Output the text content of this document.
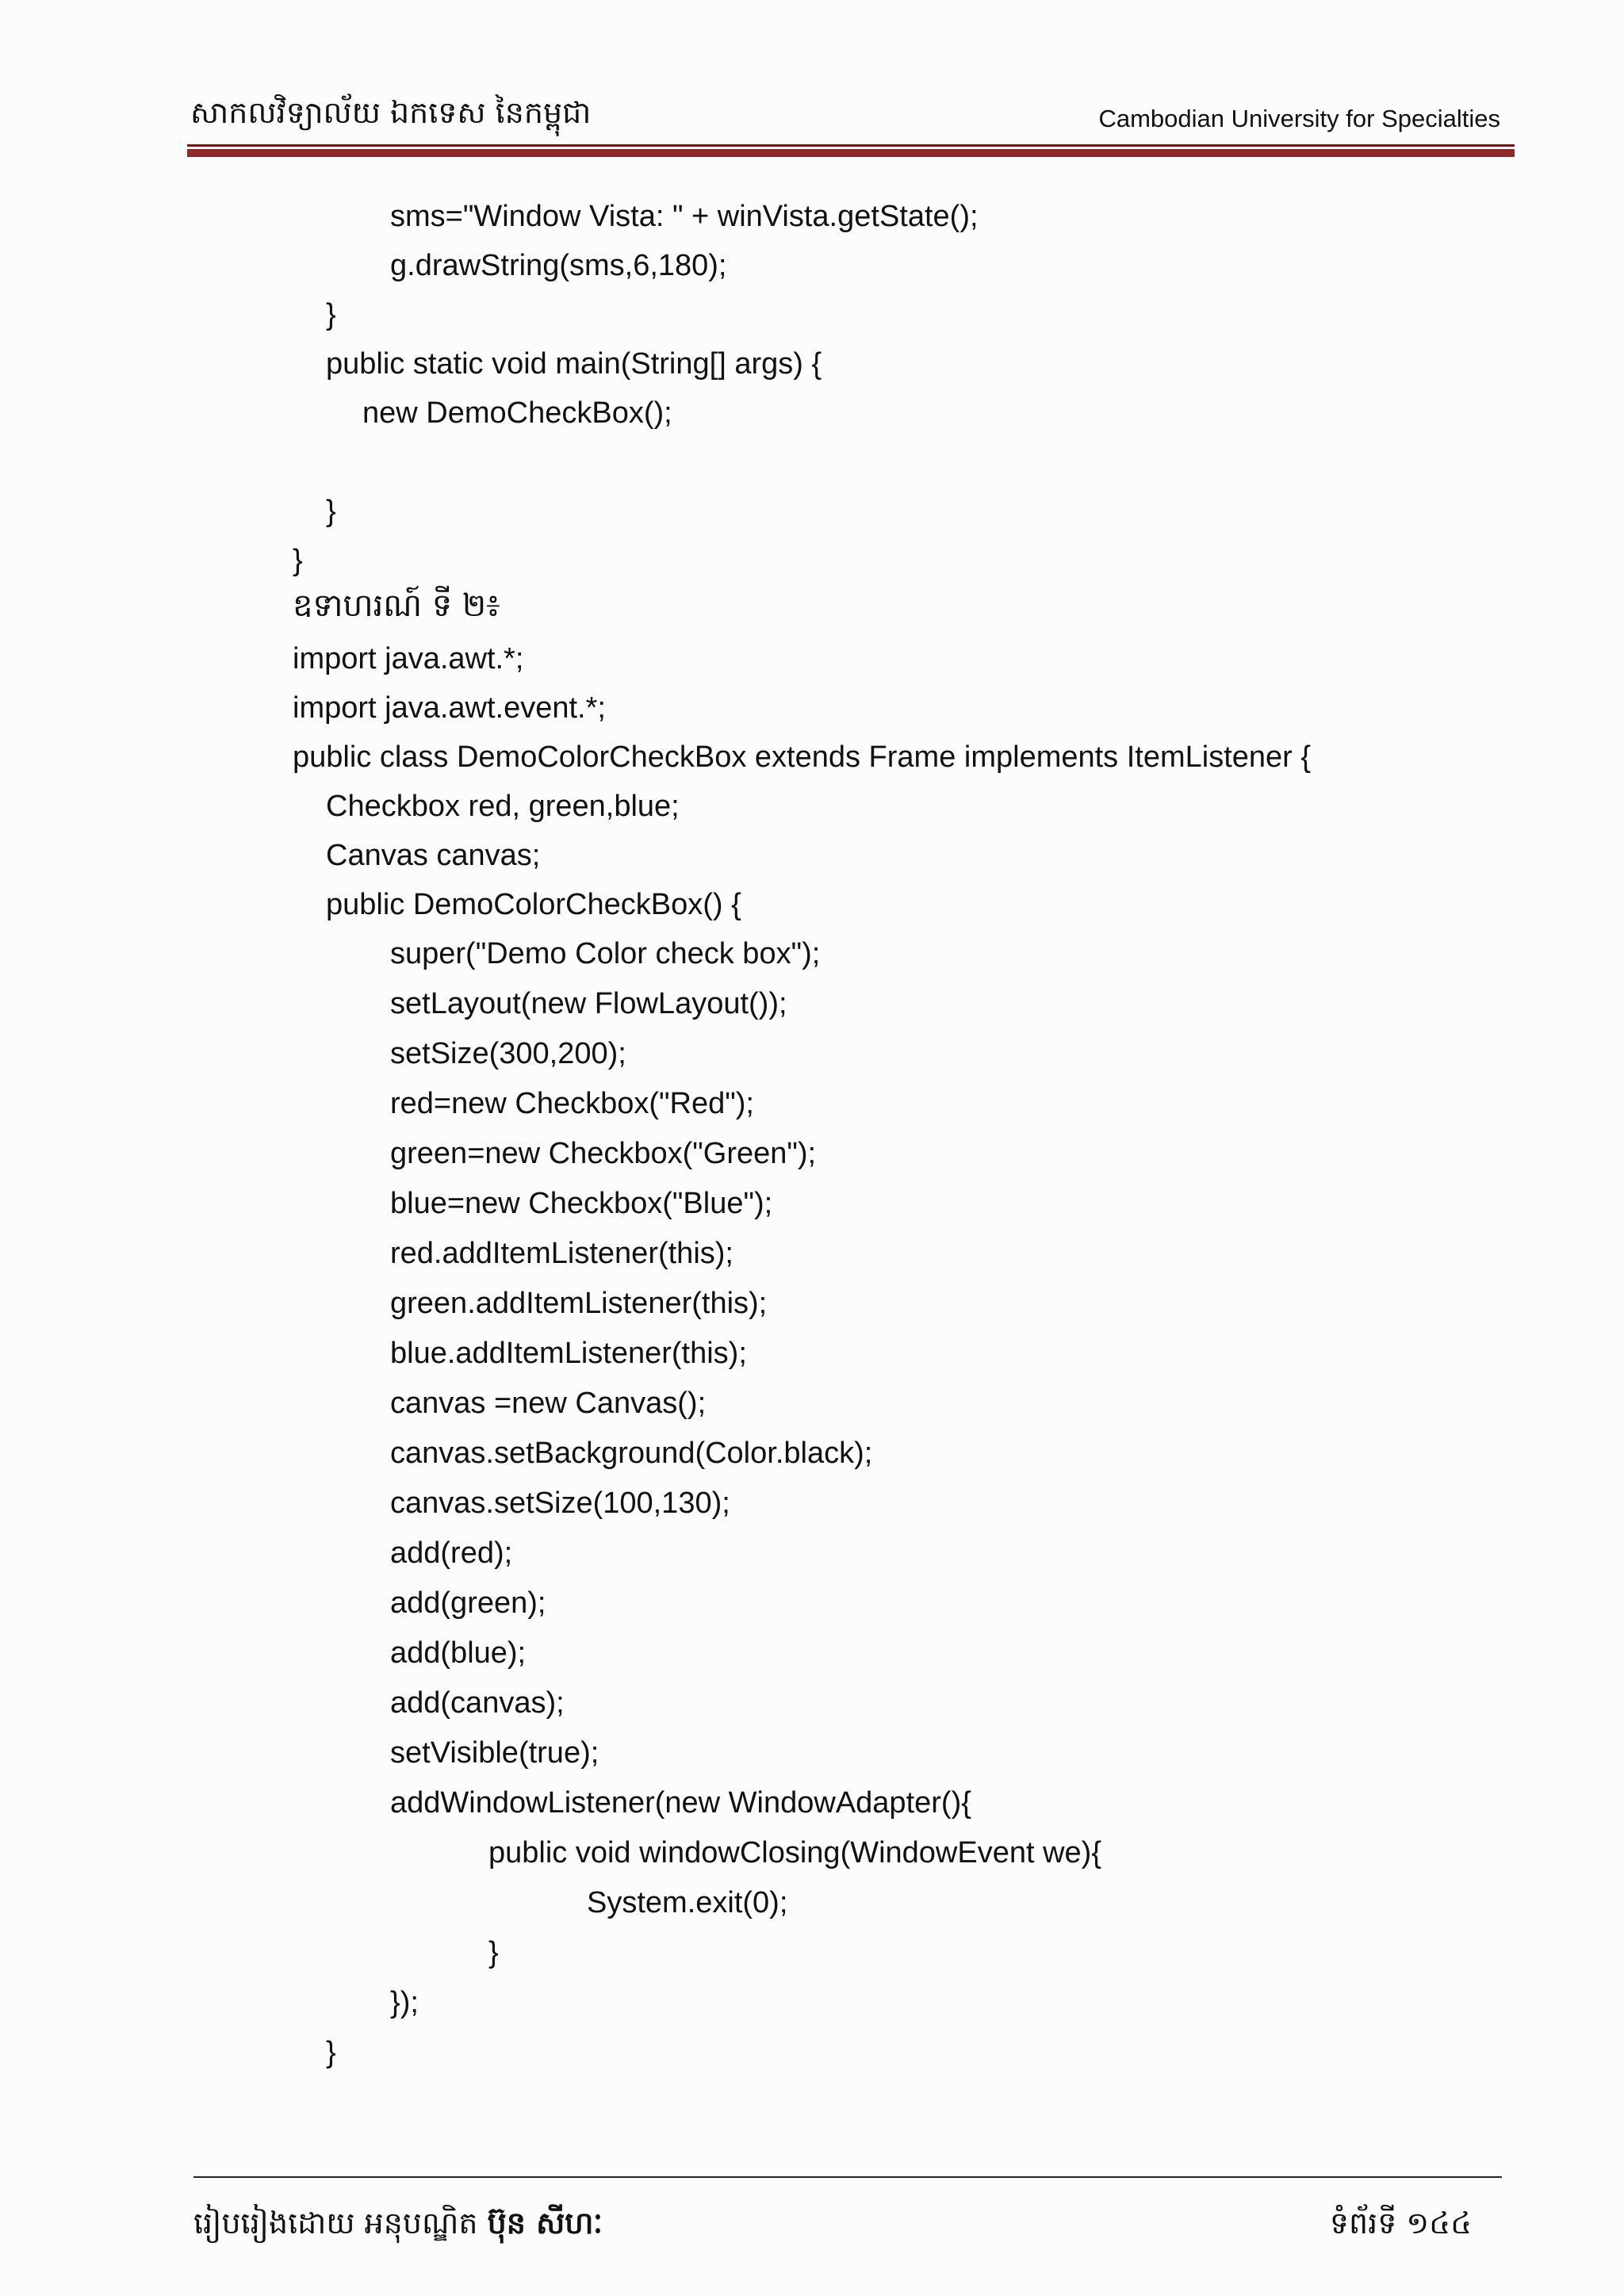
សាកលវិទ្យាល័យ ឯកទេស នៃកម្ពុជា	Cambodian University for Specialties
sms="Window Vista: " + winVista.getState();
g.drawString(sms,6,180);
}
public static void main(String[] args) {
new DemoCheckBox();
}
}
ឧទាហរណ៍ ទី ២៖
import java.awt.*;
import java.awt.event.*;
public class DemoColorCheckBox extends Frame implements ItemListener {
Checkbox red, green,blue;
Canvas canvas;
public DemoColorCheckBox() {
super("Demo Color check box");
setLayout(new FlowLayout());
setSize(300,200);
red=new Checkbox("Red");
green=new Checkbox("Green");
blue=new Checkbox("Blue");
red.addItemListener(this);
green.addItemListener(this);
blue.addItemListener(this);
canvas =new Canvas();
canvas.setBackground(Color.black);
canvas.setSize(100,130);
add(red);
add(green);
add(blue);
add(canvas);
setVisible(true);
addWindowListener(new WindowAdapter(){
public void windowClosing(WindowEvent we){
System.exit(0);
}
});
}
រៀបរៀងដោយ អនុបណ្ឌិត ប៊ុន សីហៈ	ទំព័រទី ១៤៤
